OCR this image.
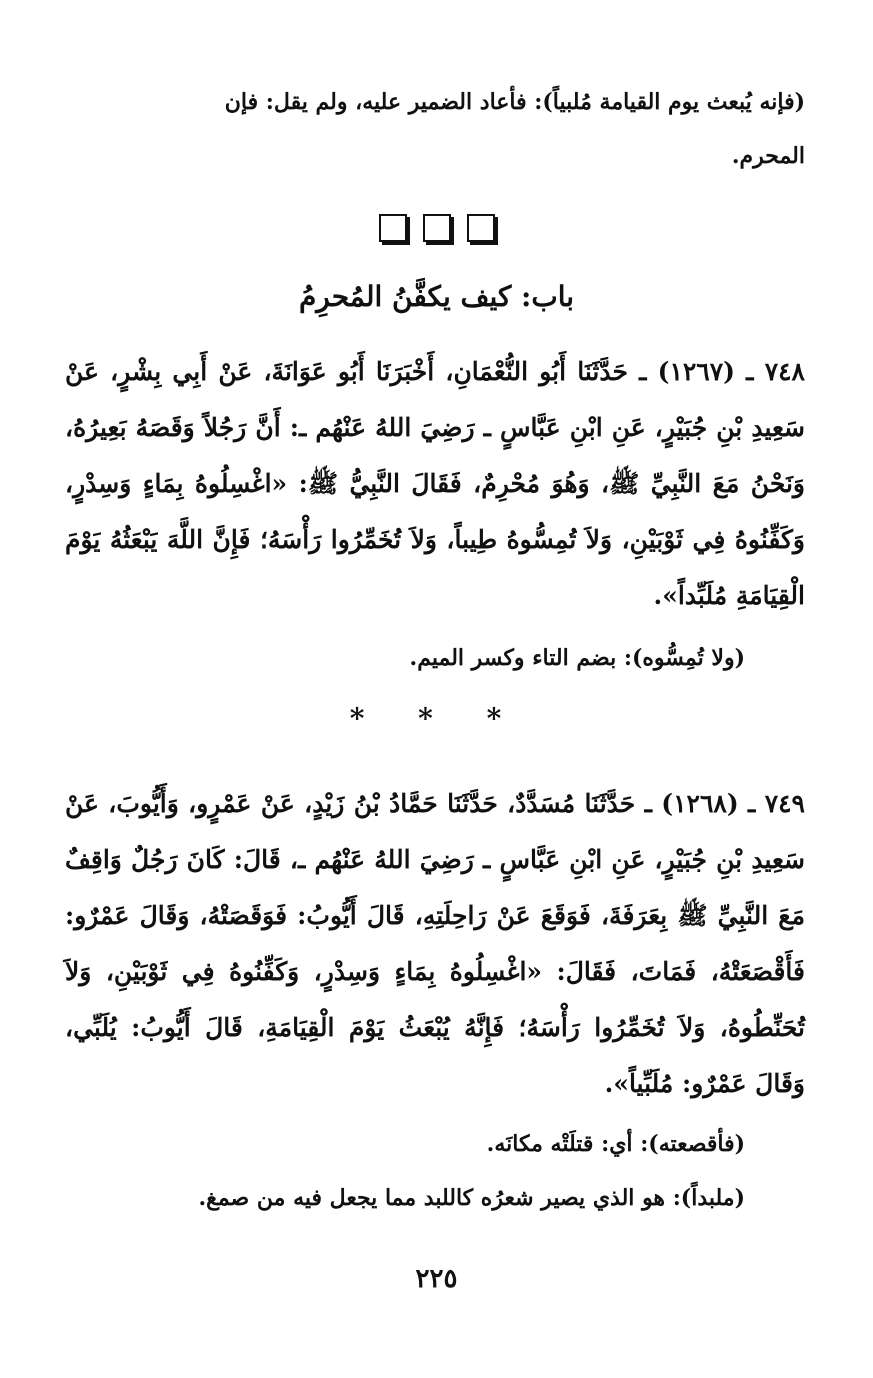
(فإنه يُبعث يوم القيامة مُلبياً): فأعاد الضمير عليه، ولم يقل: فإن

المحرم.

باب: كيف يكفَّنُ المُحرِمُ

٧٤٨ ـ (١٢٦٧) ـ حَدَّثَنَا أَبُو النُّعْمَانِ، أَخْبَرَنَا أَبُو عَوَانَةَ، عَنْ أَبِي بِشْرٍ، عَنْ سَعِيدِ بْنِ جُبَيْرٍ، عَنِ ابْنِ عَبَّاسٍ ـ رَضِيَ اللهُ عَنْهُم ـ: أَنَّ رَجُلاً وَقَصَهُ بَعِيرُهُ، وَنَحْنُ مَعَ النَّبِيِّ ﷺ، وَهُوَ مُحْرِمٌ، فَقَالَ النَّبِيُّ ﷺ: «اغْسِلُوهُ بِمَاءٍ وَسِدْرٍ، وَكَفِّنُوهُ فِي ثَوْبَيْنِ، وَلاَ تُمِسُّوهُ طِيباً، وَلاَ تُخَمِّرُوا رَأْسَهُ؛ فَإِنَّ اللَّهَ يَبْعَثُهُ يَوْمَ الْقِيَامَةِ مُلَبِّداً».

(ولا تُمِسُّوه): بضم التاء وكسر الميم.

* * *

٧٤٩ ـ (١٢٦٨) ـ حَدَّثَنَا مُسَدَّدٌ، حَدَّثَنَا حَمَّادُ بْنُ زَيْدٍ، عَنْ عَمْرٍو، وَأَيُّوبَ، عَنْ سَعِيدِ بْنِ جُبَيْرٍ، عَنِ ابْنِ عَبَّاسٍ ـ رَضِيَ اللهُ عَنْهُم ـ، قَالَ: كَانَ رَجُلٌ وَاقِفٌ مَعَ النَّبِيِّ ﷺ بِعَرَفَةَ، فَوَقَعَ عَنْ رَاحِلَتِهِ، قَالَ أَيُّوبُ: فَوَقَصَتْهُ، وَقَالَ عَمْرٌو: فَأَقْصَعَتْهُ، فَمَاتَ، فَقَالَ: «اغْسِلُوهُ بِمَاءٍ وَسِدْرٍ، وَكَفِّنُوهُ فِي ثَوْبَيْنِ، وَلاَ تُحَنِّطُوهُ، وَلاَ تُخَمِّرُوا رَأْسَهُ؛ فَإِنَّهُ يُبْعَثُ يَوْمَ الْقِيَامَةِ، قَالَ أَيُّوبُ: يُلَبِّي، وَقَالَ عَمْرٌو: مُلَبِّياً».

(فأقصعته): أي: قتلَتْه مكانَه.

(ملبداً): هو الذي يصير شعرُه كاللبد مما يجعل فيه من صمغ.

٢٢٥
